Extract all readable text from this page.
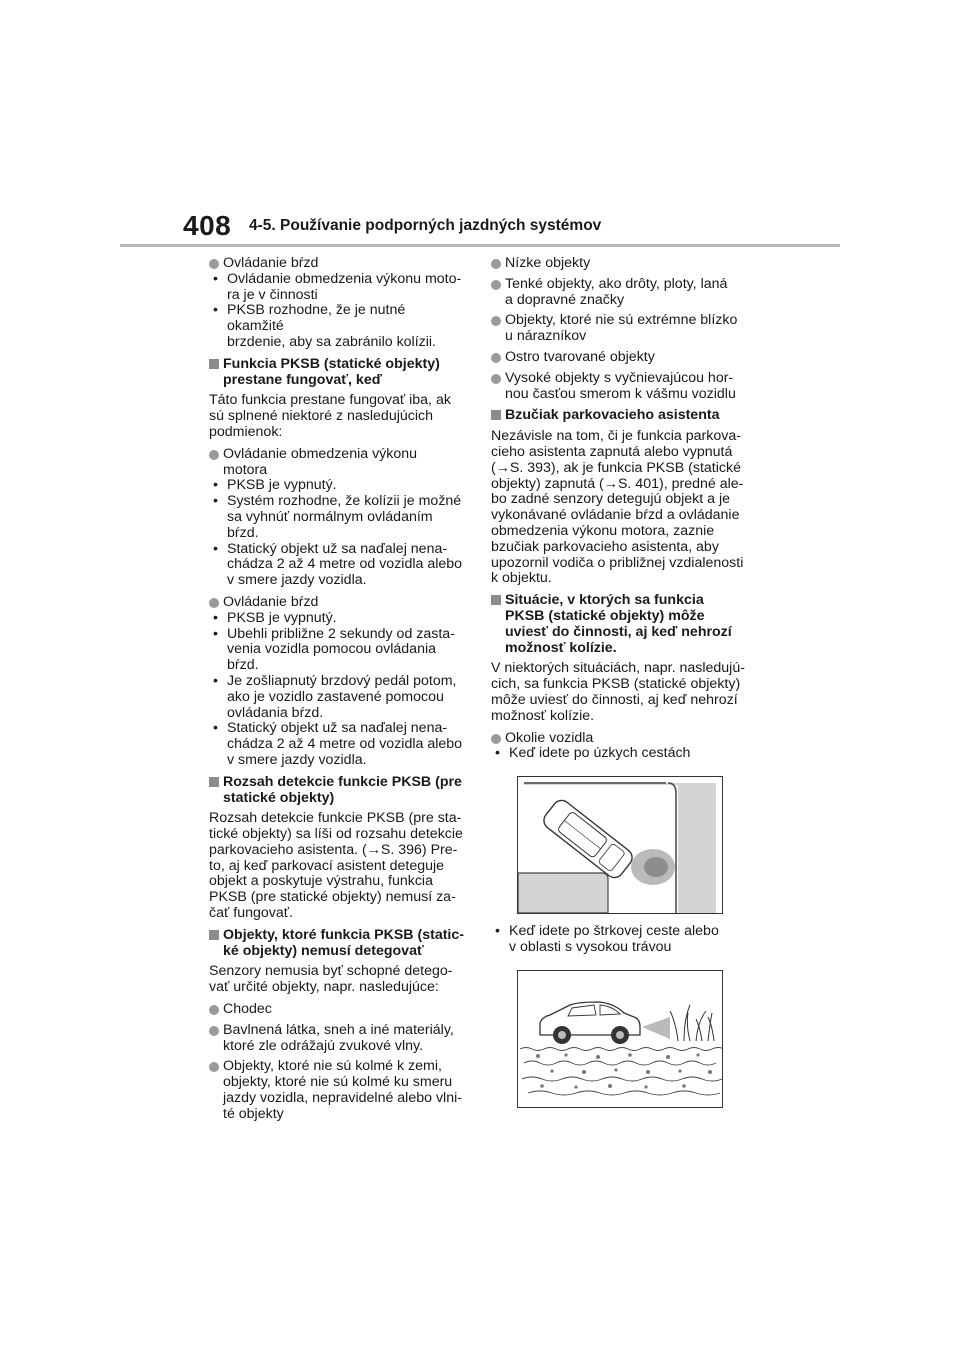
408 4-5. Používanie podporných jazdných systémov
Ovládanie bŕzd
• Ovládanie obmedzenia výkonu moto-
ra je v činnosti
• PKSB rozhodne, že je nutné okamžité
brzdenie, aby sa zabránilo kolízii.
Funkcia PKSB (statické objekty)
prestane fungovať, keď
Táto funkcia prestane fungovať iba, ak
sú splnené niektoré z nasledujúcich
podmienok:
Ovládanie obmedzenia výkonu motora
• PKSB je vypnutý.
• Systém rozhodne, že kolízii je možné
sa vyhnúť normálnym ovládaním
bŕzd.
• Statický objekt už sa naďalej nena-
chádza 2 až 4 metre od vozidla alebo
v smere jazdy vozidla.
Ovládanie bŕzd
• PKSB je vypnutý.
• Ubehli približne 2 sekundy od zasta-
venia vozidla pomocou ovládania
bŕzd.
• Je zošliapnutý brzdový pedál potom,
ako je vozidlo zastavené pomocou
ovládania bŕzd.
• Statický objekt už sa naďalej nena-
chádza 2 až 4 metre od vozidla alebo
v smere jazdy vozidla.
Rozsah detekcie funkcie PKSB (pre
statické objekty)
Rozsah detekcie funkcie PKSB (pre sta-
tické objekty) sa líši od rozsahu detekcie
parkovacieho asistenta. (→S. 396) Pre-
to, aj keď parkovací asistent deteguje
objekt a poskytuje výstrahu, funkcia
PKSB (pre statické objekty) nemusí za-
čať fungovať.
Objekty, ktoré funkcia PKSB (static-
ké objekty) nemusí detegovať
Senzory nemusia byť schopné detego-
vať určité objekty, napr. nasledujúce:
Chodec
Bavlnená látka, sneh a iné materiály,
ktoré zle odrážajú zvukové vlny.
Objekty, ktoré nie sú kolmé k zemi,
objekty, ktoré nie sú kolmé ku smeru
jazdy vozidla, nepravidelné alebo vlni-
té objekty
Nízke objekty
Tenké objekty, ako drôty, ploty, laná
a dopravné značky
Objekty, ktoré nie sú extrémne blízko
u nárazníkov
Ostro tvarované objekty
Vysoké objekty s vyčnievajúcou hor-
nou časťou smerom k vášmu vozidlu
Bzučiak parkovacieho asistenta
Nezávisle na tom, či je funkcia parkova-
cieho asistenta zapnutá alebo vypnutá
(→S. 393), ak je funkcia PKSB (statické
objekty) zapnutá (→S. 401), predné ale-
bo zadné senzory detegujú objekt a je
vykonávané ovládanie bŕzd a ovládanie
obmedzenia výkonu motora, zaznie
bzučiak parkovacieho asistenta, aby
upozornil vodiča o približnej vzdialenosti
k objektu.
Situácie, v ktorých sa funkcia
PKSB (statické objekty) môže
uviesť do činnosti, aj keď nehrozí
možnosť kolízie.
V niektorých situáciách, napr. nasledujú-
cich, sa funkcia PKSB (statické objekty)
môže uviesť do činnosti, aj keď nehrozí
možnosť kolízie.
Okolie vozidla
• Keď idete po úzkych cestách
• Keď idete po štrkovej ceste alebo
v oblasti s vysokou trávou
